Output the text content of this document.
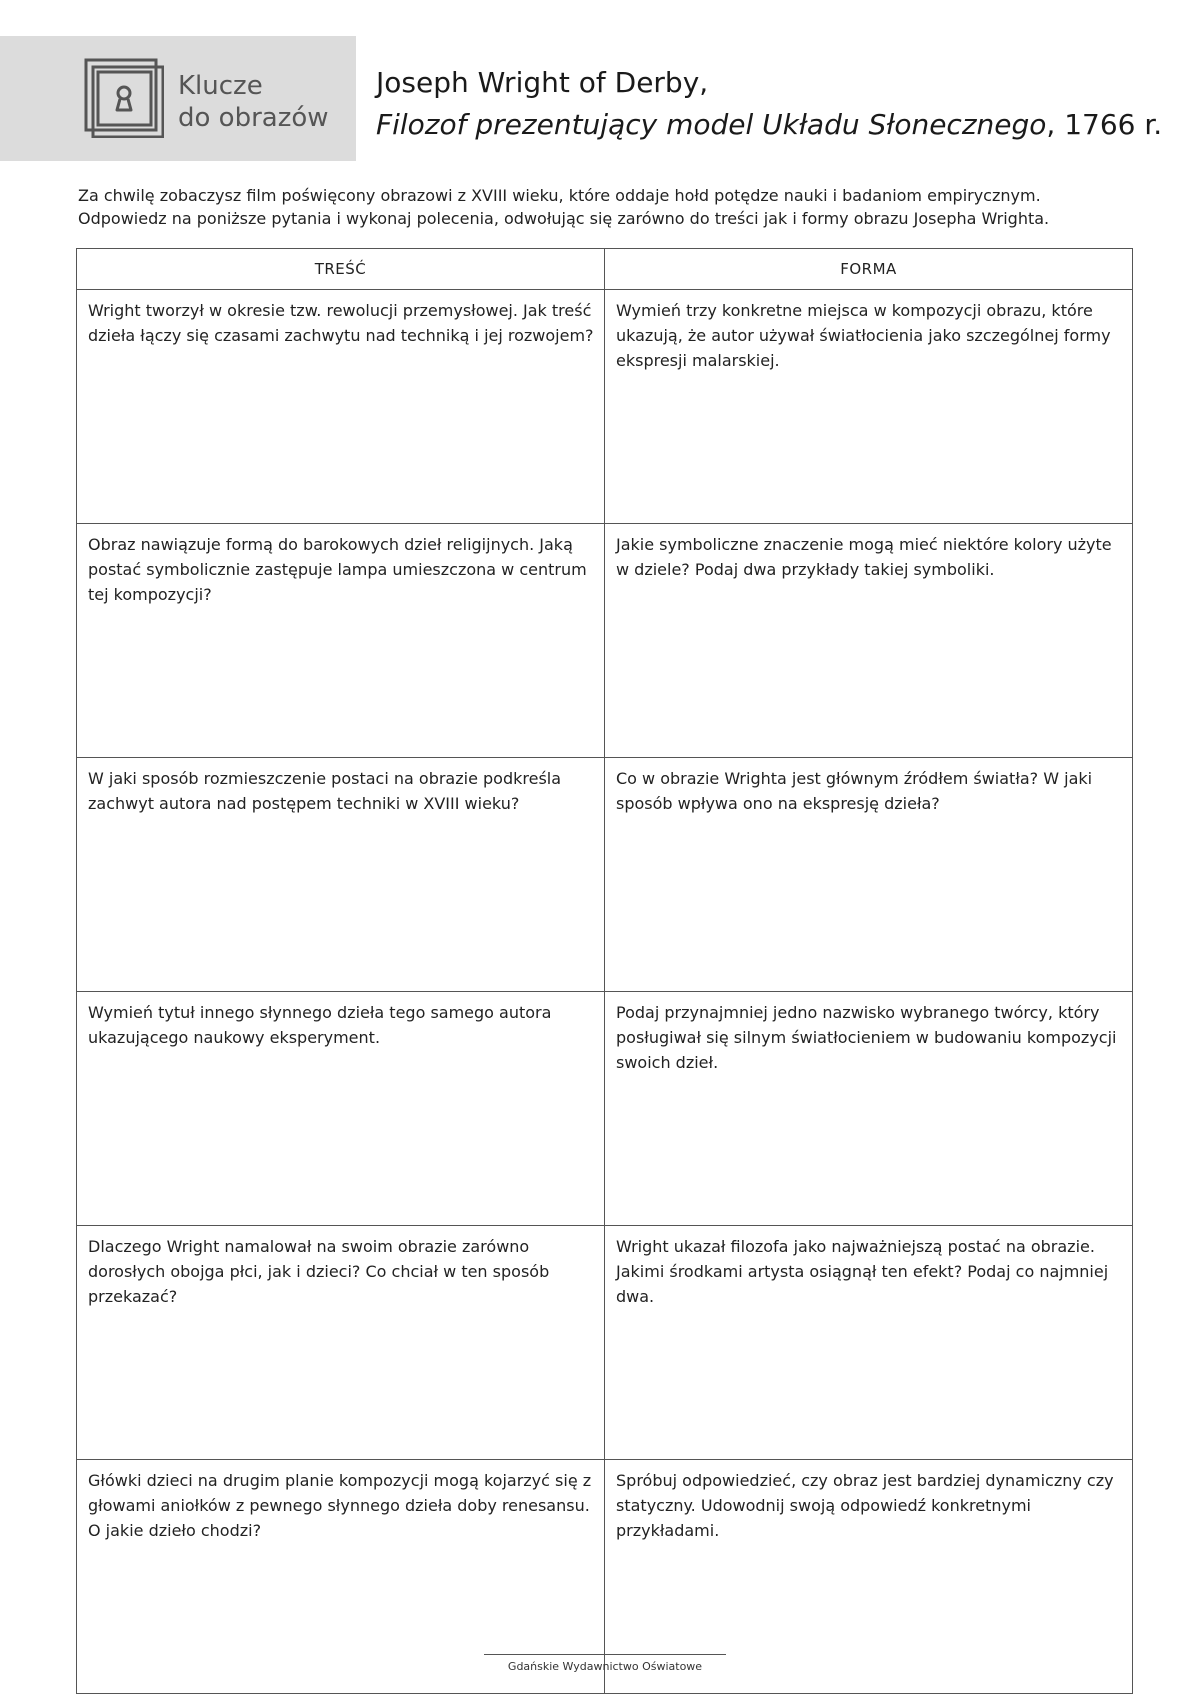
Klucze
do obrazów
Joseph Wright of Derby,
Filozof prezentujący model Układu Słonecznego, 1766 r.

Za chwilę zobaczysz film poświęcony obrazowi z XVIII wieku, które oddaje hołd potędze nauki i badaniom empirycznym.

Odpowiedz na poniższe pytania i wykonaj polecenia, odwołując się zarówno do treści jak i formy obrazu Josepha Wrighta.

TREŚĆ	FORMA
Wright tworzył w okresie tzw. rewolucji przemysłowej. Jak treść dzieła łączy się czasami zachwytu nad techniką i jej rozwojem?	Wymień trzy konkretne miejsca w kompozycji obrazu, które ukazują, że autor używał światłocienia jako szczególnej formy ekspresji malarskiej.
Obraz nawiązuje formą do barokowych dzieł religijnych. Jaką postać symbolicznie zastępuje lampa umieszczona w centrum tej kompozycji?	Jakie symboliczne znaczenie mogą mieć niektóre kolory użyte w dziele? Podaj dwa przykłady takiej symboliki.
W jaki sposób rozmieszczenie postaci na obrazie podkreśla zachwyt autora nad postępem techniki w XVIII wieku?	Co w obrazie Wrighta jest głównym źródłem światła? W jaki sposób wpływa ono na ekspresję dzieła?
Wymień tytuł innego słynnego dzieła tego samego autora ukazującego naukowy eksperyment.	Podaj przynajmniej jedno nazwisko wybranego twórcy, który posługiwał się silnym światłocieniem w budowaniu kompozycji swoich dzieł.
Dlaczego Wright namalował na swoim obrazie zarówno dorosłych obojga płci, jak i dzieci? Co chciał w ten sposób przekazać?	Wright ukazał filozofa jako najważniejszą postać na obrazie. Jakimi środkami artysta osiągnął ten efekt? Podaj co najmniej dwa.
Główki dzieci na drugim planie kompozycji mogą kojarzyć się z głowami aniołków z pewnego słynnego dzieła doby renesansu. O jakie dzieło chodzi?	Spróbuj odpowiedzieć, czy obraz jest bardziej dynamiczny czy statyczny. Udowodnij swoją odpowiedź konkretnymi przykładami.
Gdańskie Wydawnictwo Oświatowe
